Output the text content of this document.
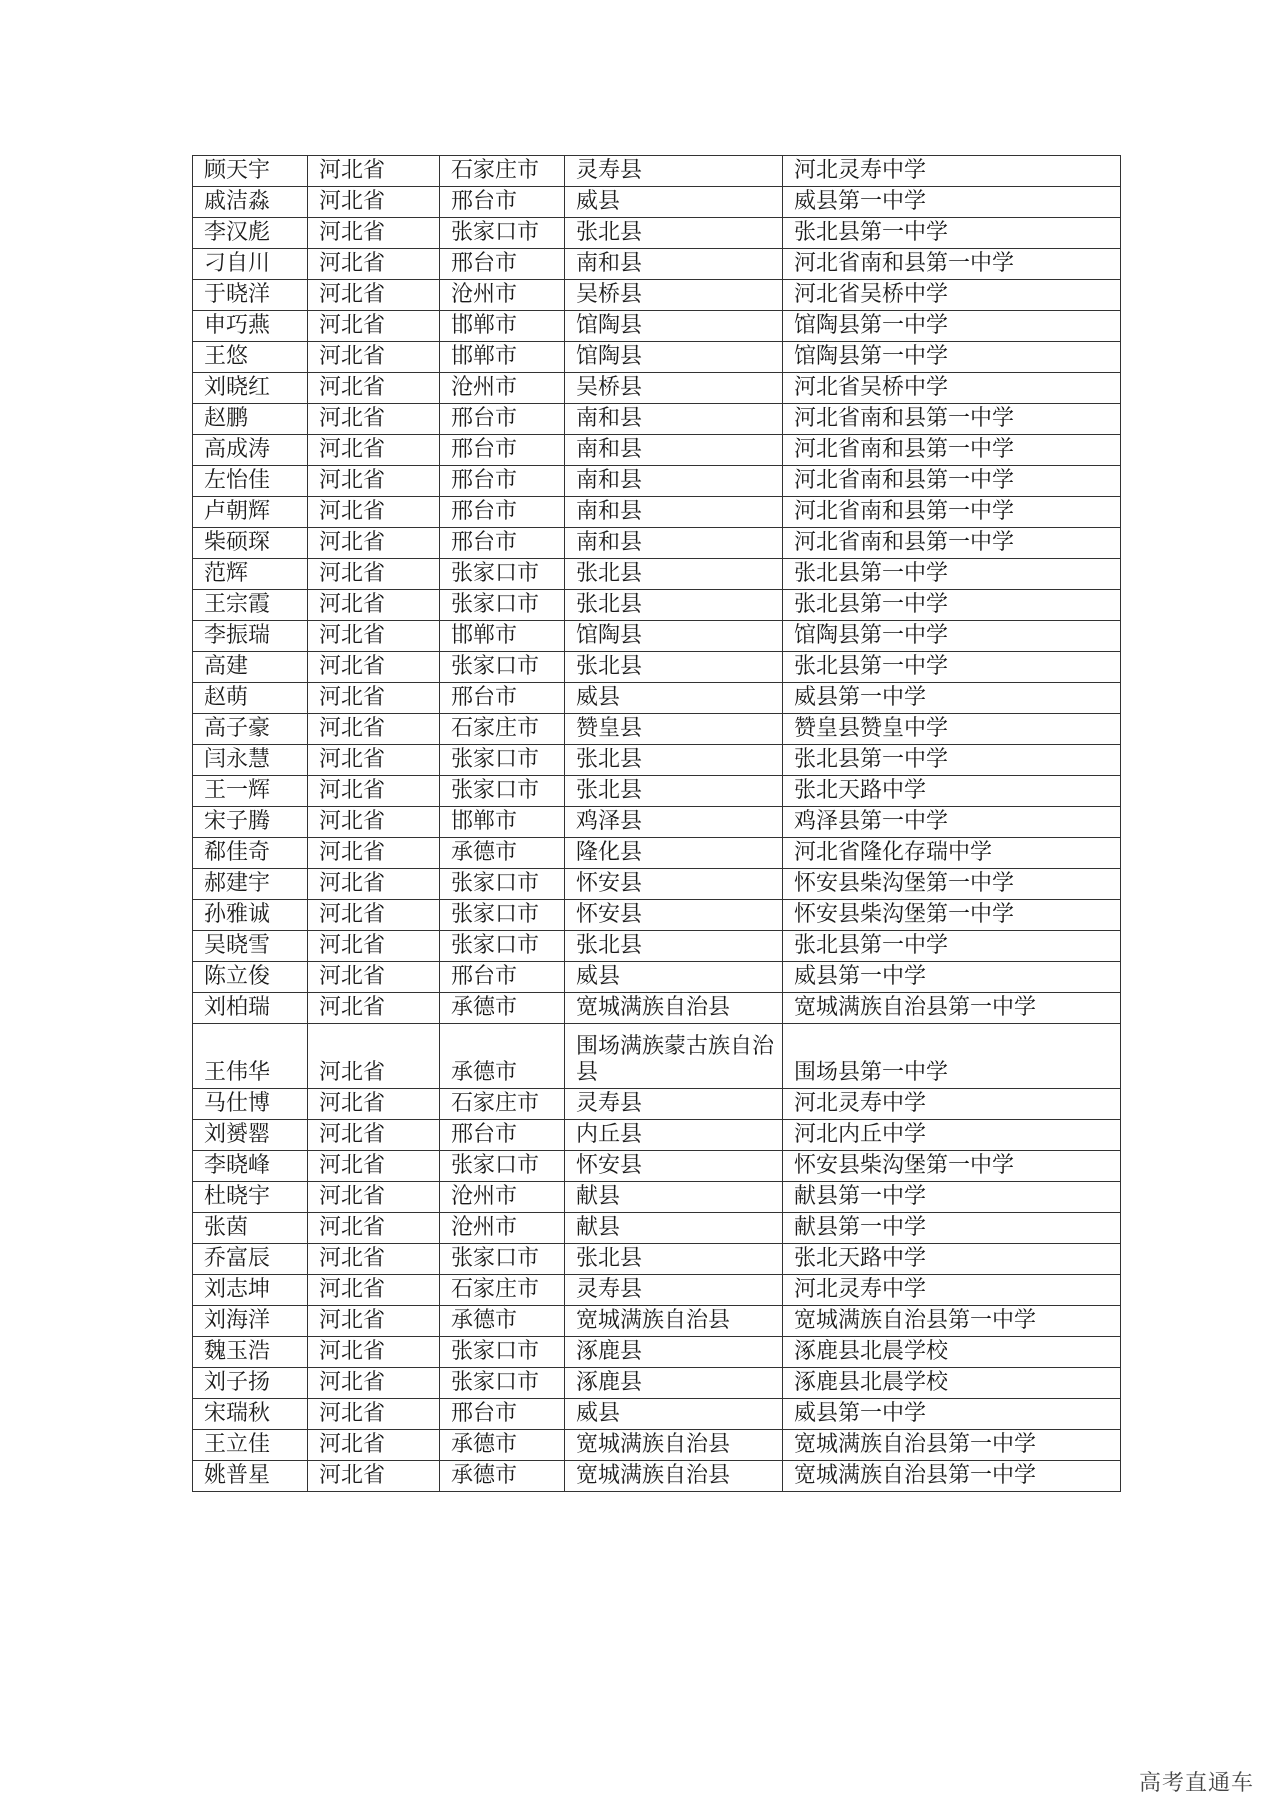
顾天宇	河北省	石家庄市	灵寿县	河北灵寿中学
戚洁淼	河北省	邢台市	威县	威县第一中学
李汉彪	河北省	张家口市	张北县	张北县第一中学
刁自川	河北省	邢台市	南和县	河北省南和县第一中学
于晓洋	河北省	沧州市	吴桥县	河北省吴桥中学
申巧燕	河北省	邯郸市	馆陶县	馆陶县第一中学
王悠	河北省	邯郸市	馆陶县	馆陶县第一中学
刘晓红	河北省	沧州市	吴桥县	河北省吴桥中学
赵鹏	河北省	邢台市	南和县	河北省南和县第一中学
高成涛	河北省	邢台市	南和县	河北省南和县第一中学
左怡佳	河北省	邢台市	南和县	河北省南和县第一中学
卢朝辉	河北省	邢台市	南和县	河北省南和县第一中学
柴硕琛	河北省	邢台市	南和县	河北省南和县第一中学
范辉	河北省	张家口市	张北县	张北县第一中学
王宗霞	河北省	张家口市	张北县	张北县第一中学
李振瑞	河北省	邯郸市	馆陶县	馆陶县第一中学
高建	河北省	张家口市	张北县	张北县第一中学
赵萌	河北省	邢台市	威县	威县第一中学
高子豪	河北省	石家庄市	赞皇县	赞皇县赞皇中学
闫永慧	河北省	张家口市	张北县	张北县第一中学
王一辉	河北省	张家口市	张北县	张北天路中学
宋子腾	河北省	邯郸市	鸡泽县	鸡泽县第一中学
郗佳奇	河北省	承德市	隆化县	河北省隆化存瑞中学
郝建宇	河北省	张家口市	怀安县	怀安县柴沟堡第一中学
孙雅诚	河北省	张家口市	怀安县	怀安县柴沟堡第一中学
吴晓雪	河北省	张家口市	张北县	张北县第一中学
陈立俊	河北省	邢台市	威县	威县第一中学
刘柏瑞	河北省	承德市	宽城满族自治县	宽城满族自治县第一中学
王伟华	河北省	承德市	围场满族蒙古族自治县	围场县第一中学
马仕博	河北省	石家庄市	灵寿县	河北灵寿中学
刘赟罂	河北省	邢台市	内丘县	河北内丘中学
李晓峰	河北省	张家口市	怀安县	怀安县柴沟堡第一中学
杜晓宇	河北省	沧州市	献县	献县第一中学
张茵	河北省	沧州市	献县	献县第一中学
乔富辰	河北省	张家口市	张北县	张北天路中学
刘志坤	河北省	石家庄市	灵寿县	河北灵寿中学
刘海洋	河北省	承德市	宽城满族自治县	宽城满族自治县第一中学
魏玉浩	河北省	张家口市	涿鹿县	涿鹿县北晨学校
刘子扬	河北省	张家口市	涿鹿县	涿鹿县北晨学校
宋瑞秋	河北省	邢台市	威县	威县第一中学
王立佳	河北省	承德市	宽城满族自治县	宽城满族自治县第一中学
姚普星	河北省	承德市	宽城满族自治县	宽城满族自治县第一中学
高考直通车
